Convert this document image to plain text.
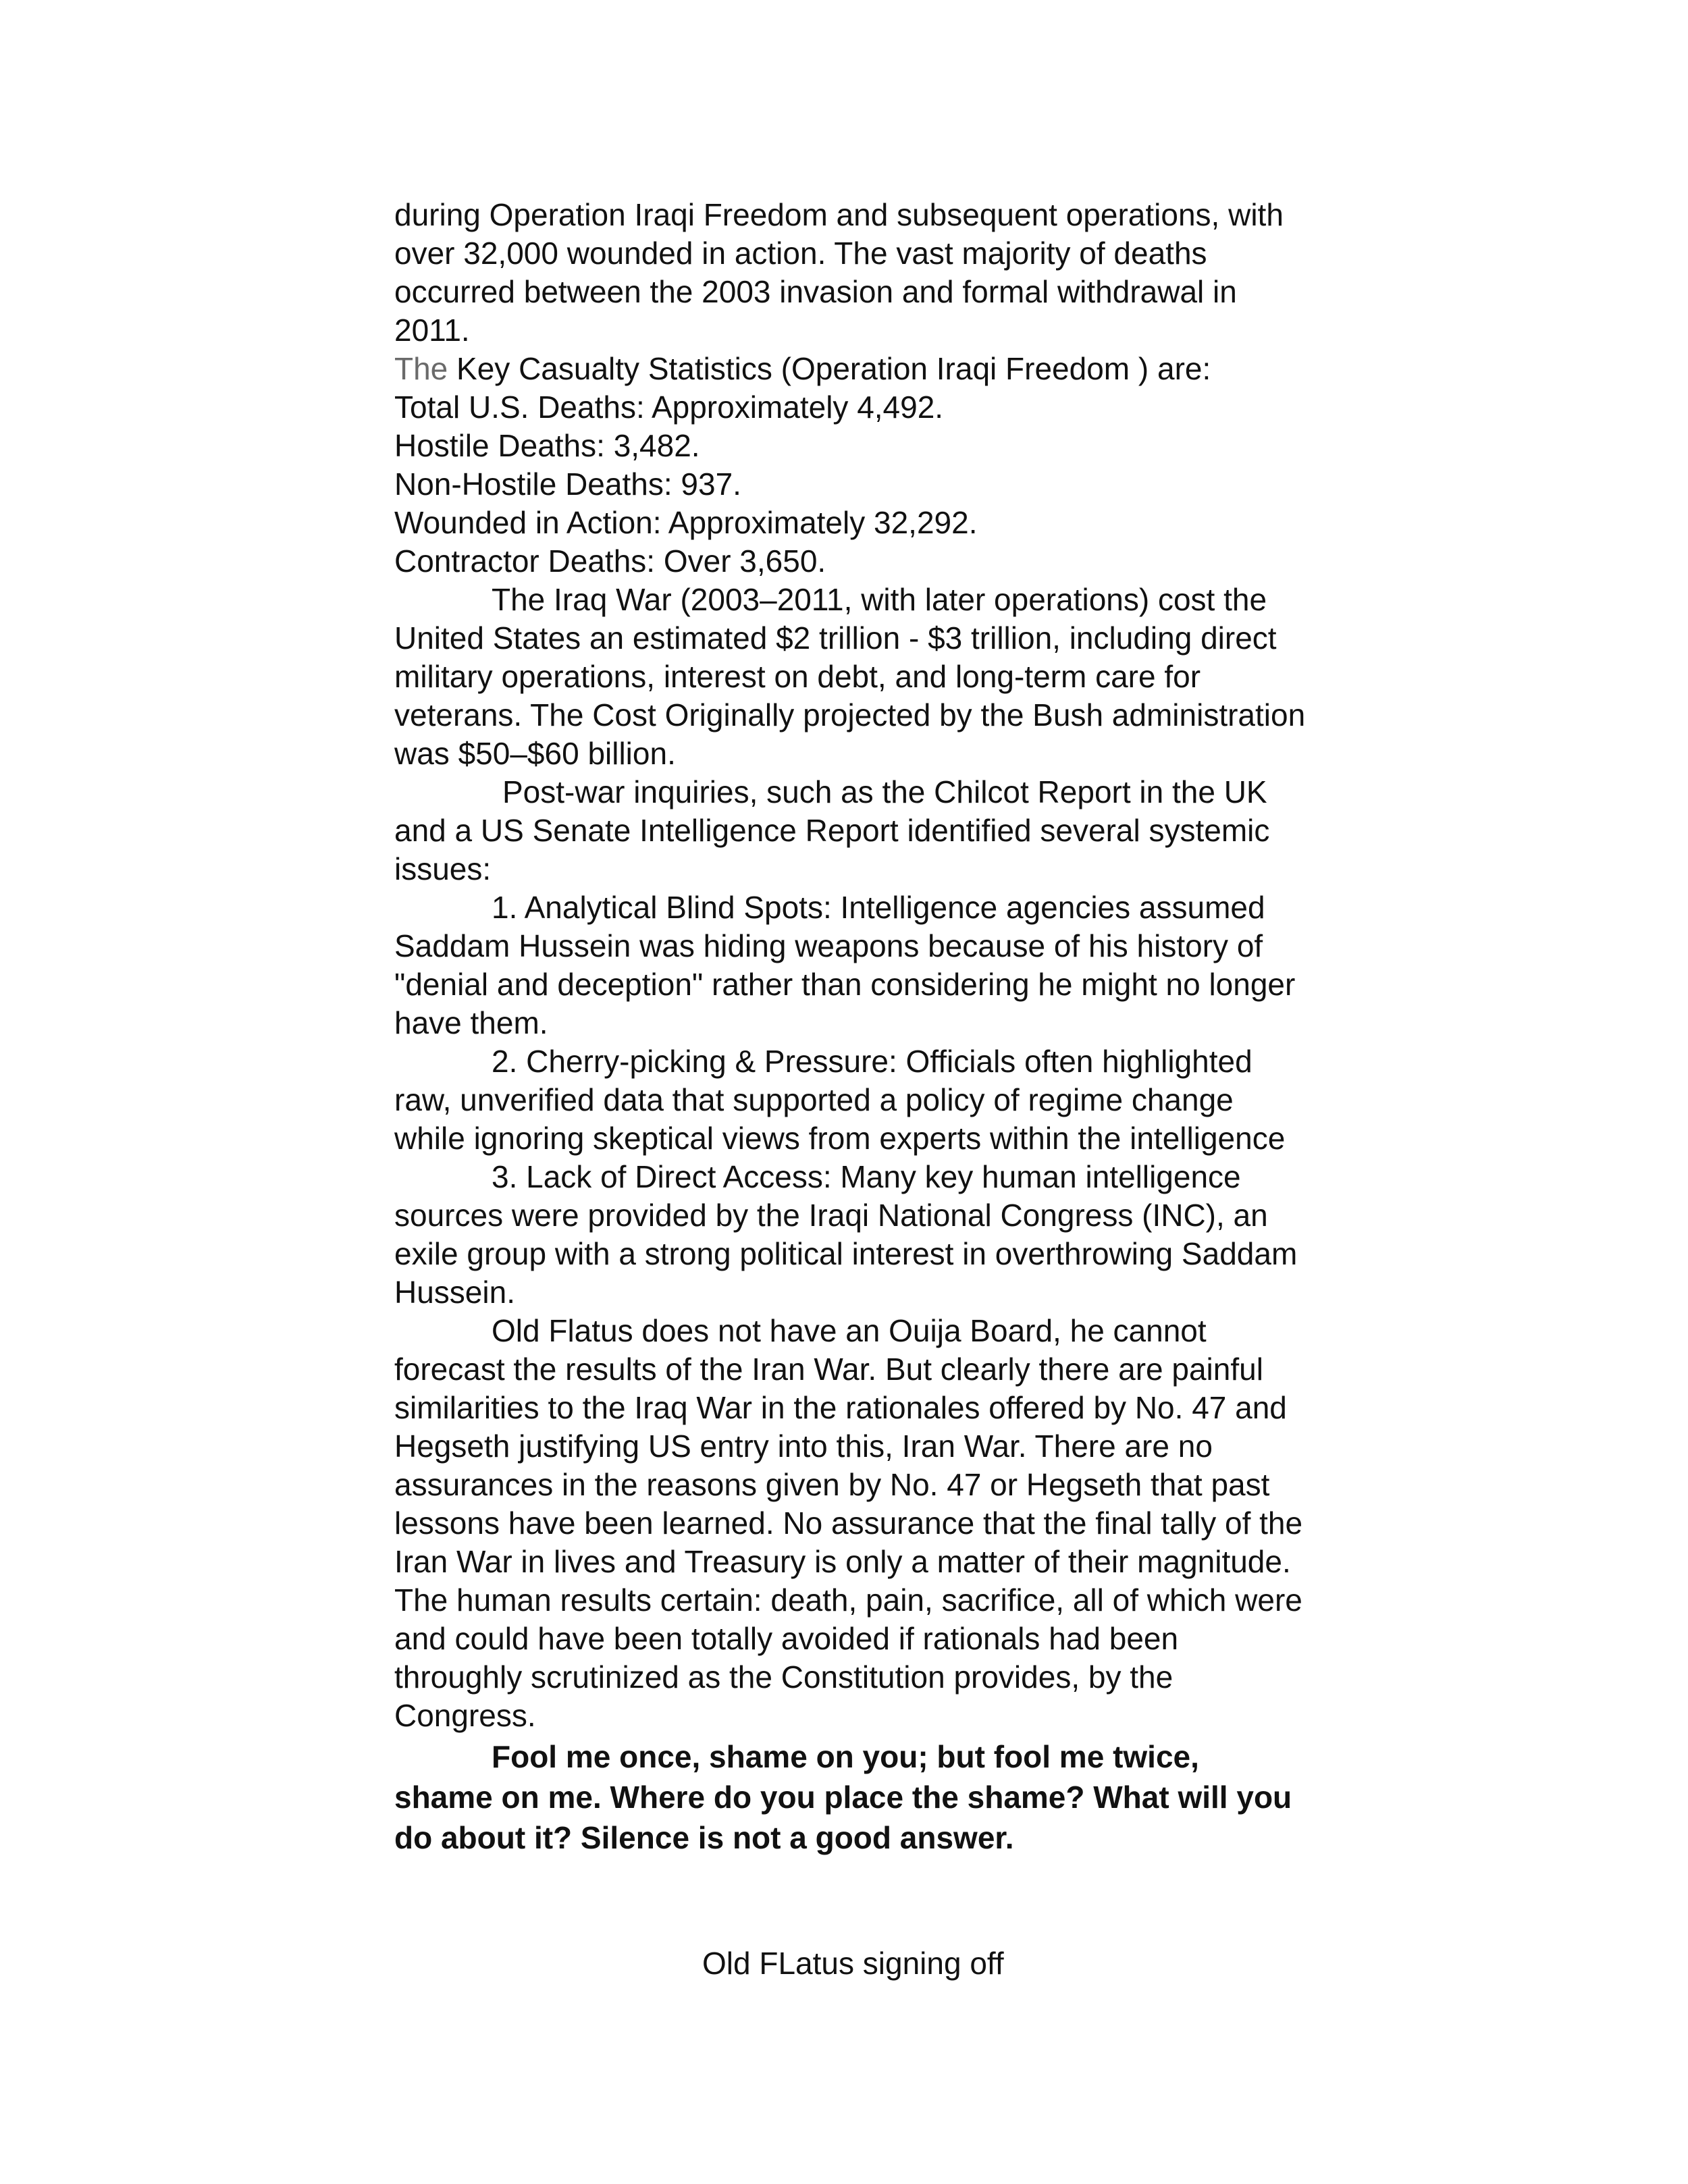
during Operation Iraqi Freedom and subsequent operations, with over 32,000 wounded in action. The vast majority of deaths occurred between the 2003 invasion and formal withdrawal in 2011.

The Key Casualty Statistics (Operation Iraqi Freedom ) are:

Total U.S. Deaths: Approximately 4,492.

Hostile Deaths: 3,482.

Non-Hostile Deaths: 937.

Wounded in Action: Approximately 32,292.

Contractor Deaths: Over 3,650.

The Iraq War (2003–2011, with later operations) cost the United States an estimated $2 trillion - $3 trillion, including direct military operations, interest on debt, and long-term care for veterans. The Cost Originally projected by the Bush administration was $50–$60 billion.

Post-war inquiries, such as the Chilcot Report in the UK and a US Senate Intelligence Report identified several systemic issues:

1. Analytical Blind Spots: Intelligence agencies assumed Saddam Hussein was hiding weapons because of his history of "denial and deception" rather than considering he might no longer have them.

2. Cherry-picking & Pressure: Officials often highlighted raw, unverified data that supported a policy of regime change while ignoring skeptical views from experts within the intelligence

3. Lack of Direct Access: Many key human intelligence sources were provided by the Iraqi National Congress (INC), an exile group with a strong political interest in overthrowing Saddam Hussein.

Old Flatus does not have an Ouija Board, he cannot forecast the results of the Iran War. But clearly there are painful similarities to the Iraq War in the rationales offered by No. 47 and Hegseth justifying US entry into this, Iran War. There are no assurances in the reasons given by No. 47 or Hegseth that past lessons have been learned. No assurance that the final tally of the Iran War in lives and Treasury is only a matter of their magnitude. The human results certain: death, pain, sacrifice, all of which were and could have been totally avoided if rationals had been throughly scrutinized as the Constitution provides, by the Congress.

Fool me once, shame on you; but fool me twice, shame on me. Where do you place the shame? What will you do about it? Silence is not a good answer.

Old FLatus signing off
